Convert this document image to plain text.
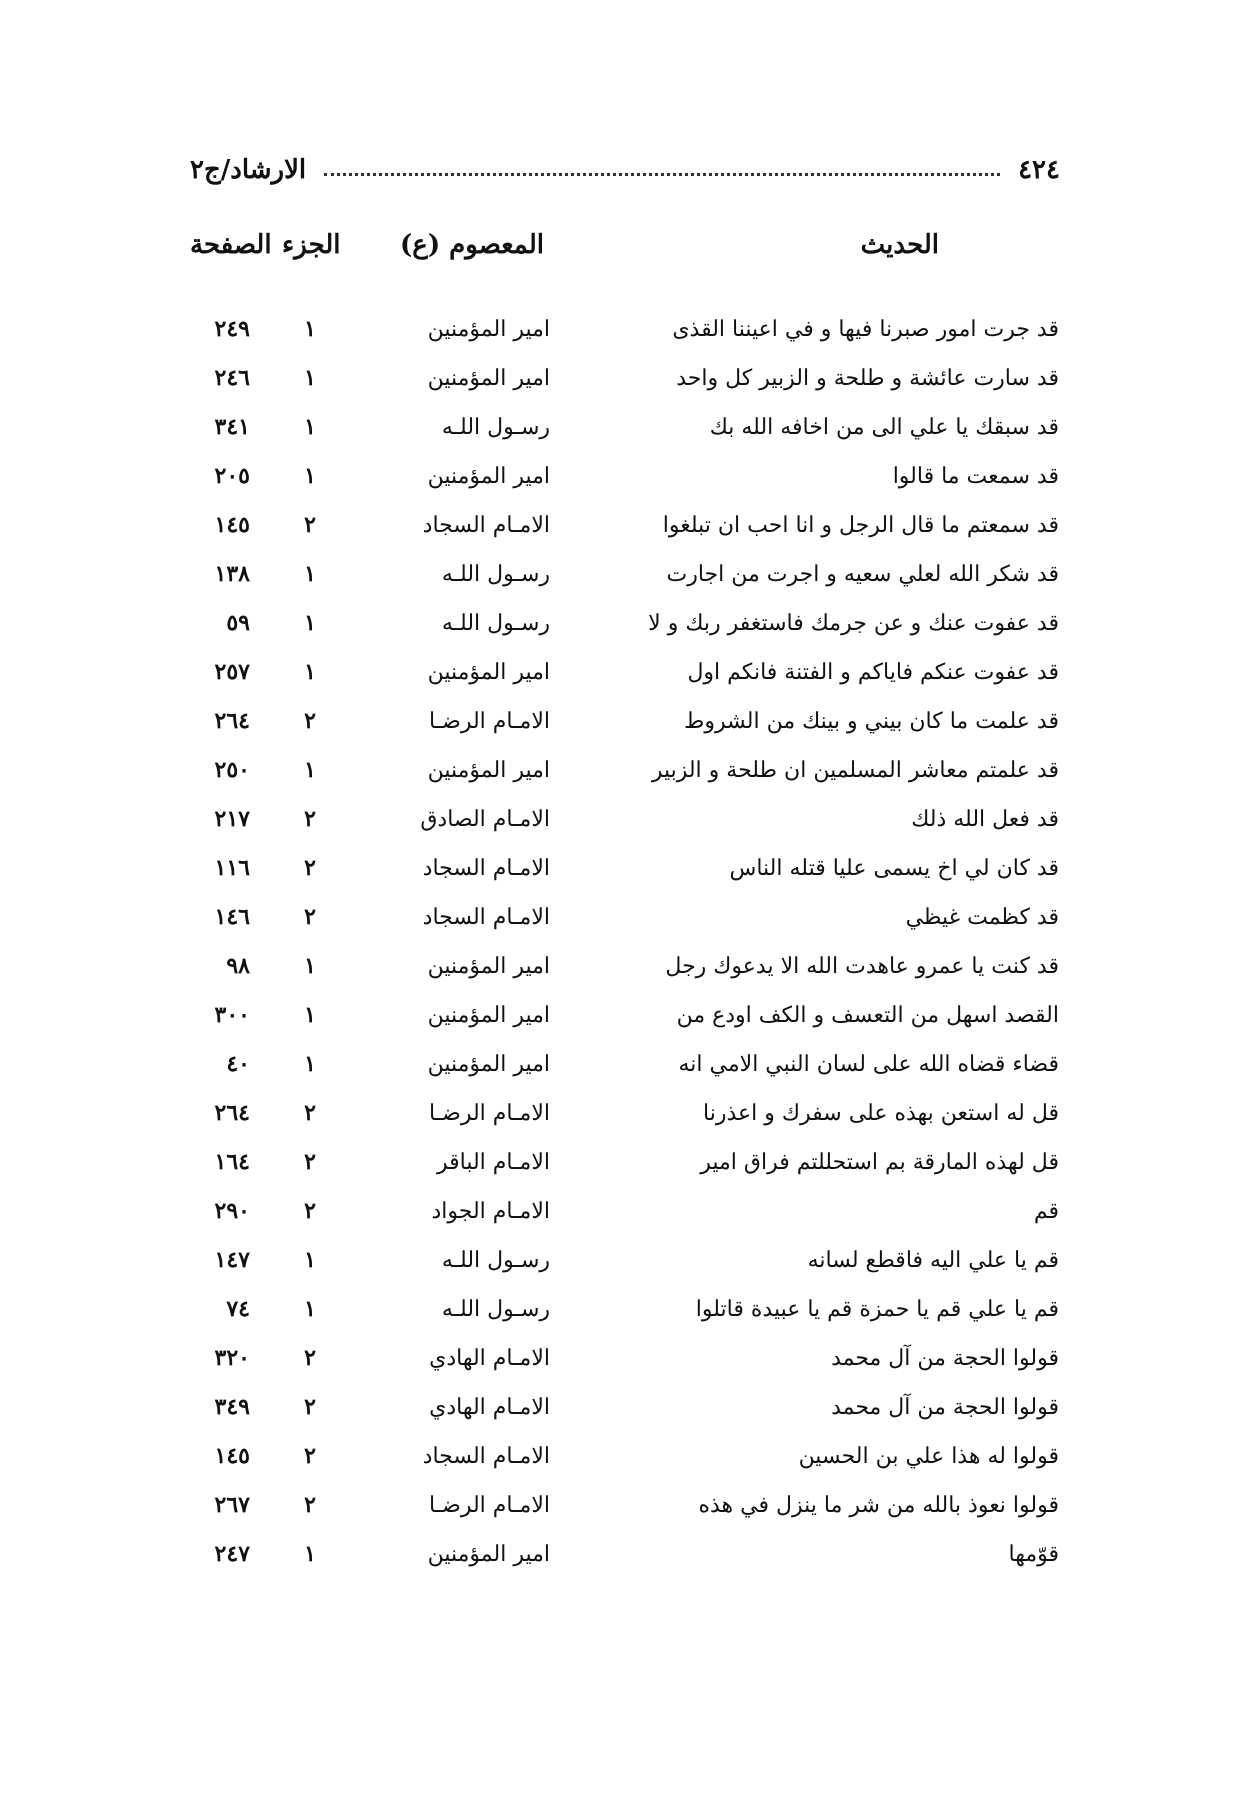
٤٢٤
الارشاد/ج٢
الحديث
المعصوم (ع)
الجزء
الصفحة
قد جرت امور صبرنا فيها و في اعيننا القذى
امير المؤمنين
١
٢٤٩
قد سارت عائشة و طلحة و الزبير كل واحد
امير المؤمنين
١
٢٤٦
قد سبقك يا علي الى من اخافه الله بك
رسـول اللـه
١
٣٤١
قد سمعت ما قالوا
امير المؤمنين
١
٢٠٥
قد سمعتم ما قال الرجل و انا احب ان تبلغوا
الامـام السجاد
٢
١٤٥
قد شكر الله لعلي سعيه و اجرت من اجارت
رسـول اللـه
١
١٣٨
قد عفوت عنك و عن جرمك فاستغفر ربك و لا
رسـول اللـه
١
٥٩
قد عفوت عنكم فاياكم و الفتنة فانكم اول
امير المؤمنين
١
٢٥٧
قد علمت ما كان بيني و بينك من الشروط
الامـام الرضـا
٢
٢٦٤
قد علمتم معاشر المسلمين ان طلحة و الزبير
امير المؤمنين
١
٢٥٠
قد فعل الله ذلك
الامـام الصادق
٢
٢١٧
قد كان لي اخ يسمى عليا قتله الناس
الامـام السجاد
٢
١١٦
قد كظمت غيظي
الامـام السجاد
٢
١٤٦
قد كنت يا عمرو عاهدت الله الا يدعوك رجل
امير المؤمنين
١
٩٨
القصد اسهل من التعسف و الكف اودع من
امير المؤمنين
١
٣٠٠
قضاء قضاه الله على لسان النبي الامي انه
امير المؤمنين
١
٤٠
قل له استعن بهذه على سفرك و اعذرنا
الامـام الرضـا
٢
٢٦٤
قل لهذه المارقة بم استحللتم فراق امير
الامـام الباقر
٢
١٦٤
قم
الامـام الجواد
٢
٢٩٠
قم يا علي اليه فاقطع لسانه
رسـول اللـه
١
١٤٧
قم يا علي قم يا حمزة قم يا عبيدة قاتلوا
رسـول اللـه
١
٧٤
قولوا الحجة من آل محمد
الامـام الهادي
٢
٣٢٠
قولوا الحجة من آل محمد
الامـام الهادي
٢
٣٤٩
قولوا له هذا علي بن الحسين
الامـام السجاد
٢
١٤٥
قولوا نعوذ بالله من شر ما ينزل في هذه
الامـام الرضـا
٢
٢٦٧
قوّمها
امير المؤمنين
١
٢٤٧
